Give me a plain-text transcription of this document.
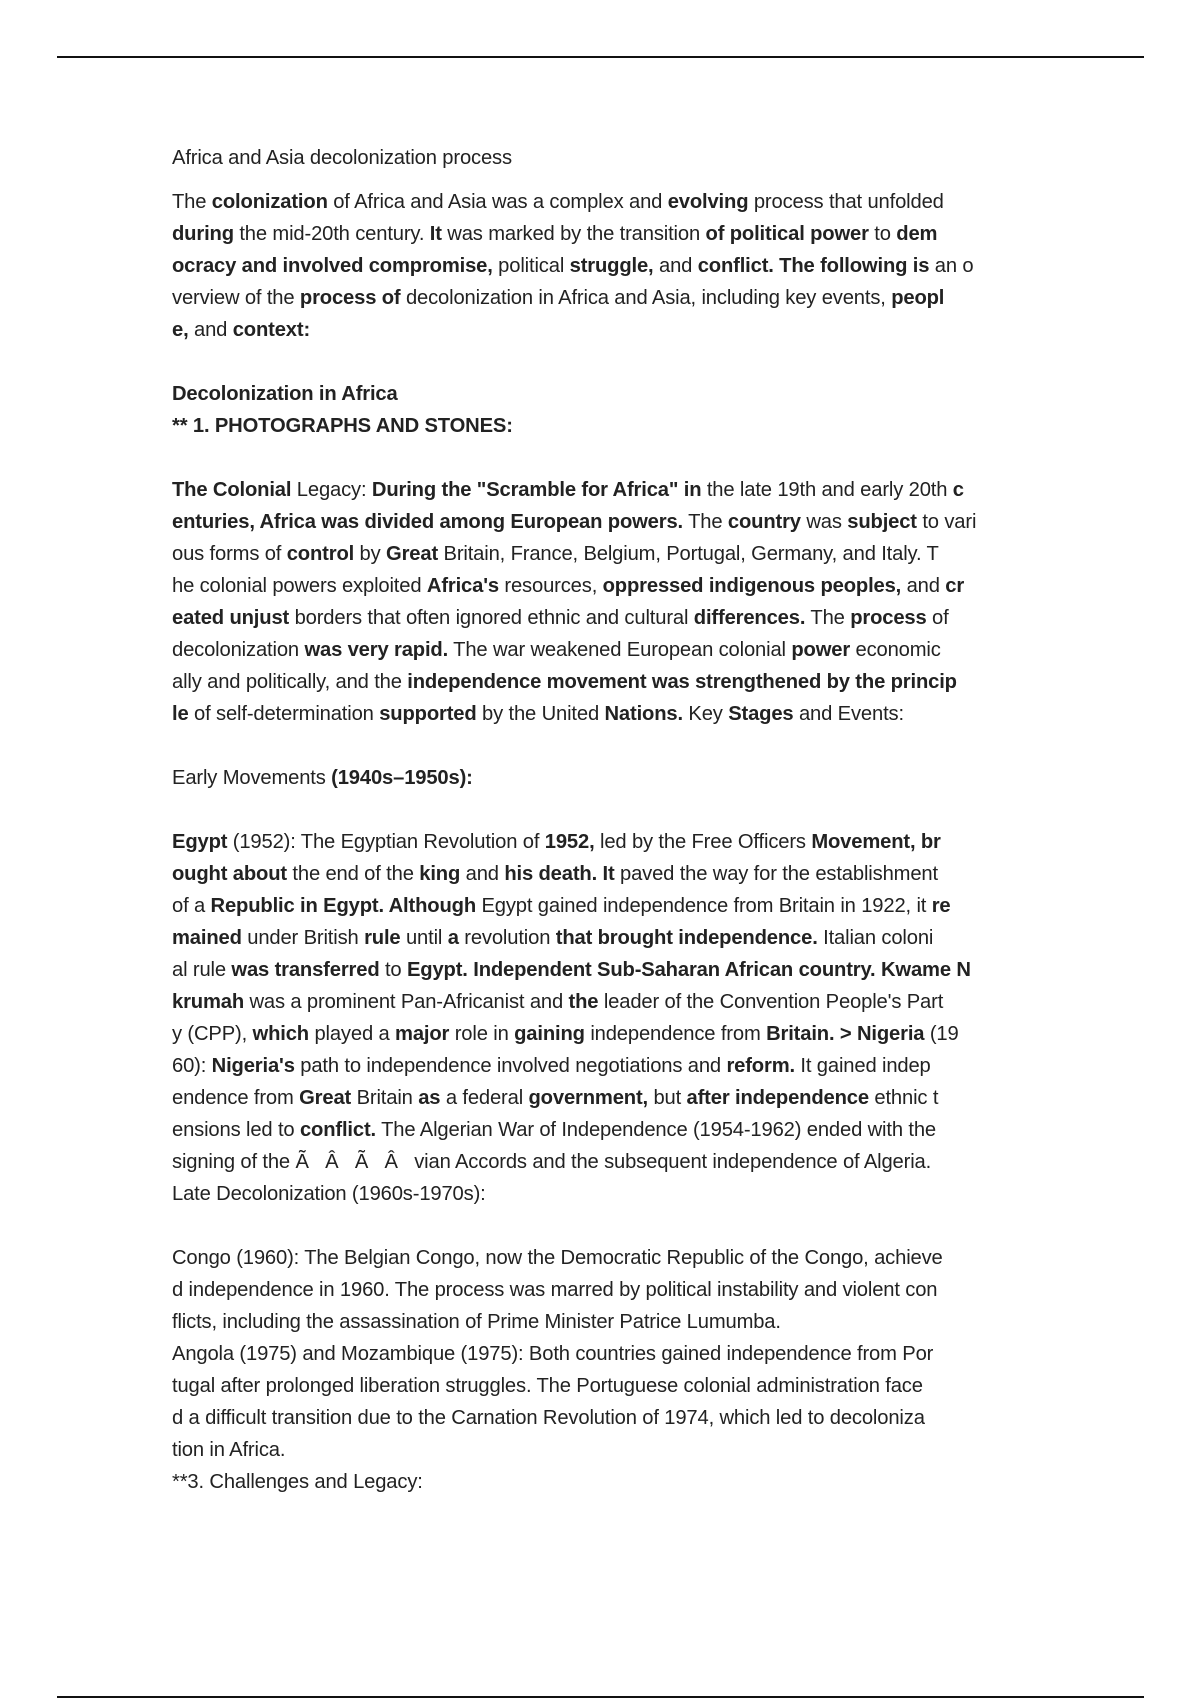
Africa and Asia decolonization process
The colonization of Africa and Asia was a complex and evolving process that unfolded
during the mid-20th century. It was marked by the transition of political power to dem
ocracy and involved compromise, political struggle, and conflict. The following is an o
verview of the process of decolonization in Africa and Asia, including key events, peopl
e, and context:
Decolonization in Africa
** 1. PHOTOGRAPHS AND STONES:
The Colonial Legacy: During the "Scramble for Africa" in the late 19th and early 20th c
enturies, Africa was divided among European powers. The country was subject to vari
ous forms of control by Great Britain, France, Belgium, Portugal, Germany, and Italy. T
he colonial powers exploited Africa's resources, oppressed indigenous peoples, and cr
eated unjust borders that often ignored ethnic and cultural differences. The process of
decolonization was very rapid. The war weakened European colonial power economic
ally and politically, and the independence movement was strengthened by the princip
le of self-determination supported by the United Nations. Key Stages and Events:
Early Movements (1940s–1950s):
Egypt (1952): The Egyptian Revolution of 1952, led by the Free Officers Movement, br
ought about the end of the king and his death. It paved the way for the establishment
of a Republic in Egypt. Although Egypt gained independence from Britain in 1922, it re
mained under British rule until a revolution that brought independence. Italian coloni
al rule was transferred to Egypt. Independent Sub-Saharan African country. Kwame N
krumah was a prominent Pan-Africanist and the leader of the Convention People's Part
y (CPP), which played a major role in gaining independence from Britain. > Nigeria (19
60): Nigeria's path to independence involved negotiations and reform. It gained indep
endence from Great Britain as a federal government, but after independence ethnic t
ensions led to conflict. The Algerian War of Independence (1954-1962) ended with the
signing of the Ã   Â   Ã   Â   vian Accords and the subsequent independence of Algeria.
Late Decolonization (1960s-1970s):
Congo (1960): The Belgian Congo, now the Democratic Republic of the Congo, achieve
d independence in 1960. The process was marred by political instability and violent con
flicts, including the assassination of Prime Minister Patrice Lumumba.
Angola (1975) and Mozambique (1975): Both countries gained independence from Por
tugal after prolonged liberation struggles. The Portuguese colonial administration face
d a difficult transition due to the Carnation Revolution of 1974, which led to decoloniza
tion in Africa.
**3. Challenges and Legacy:
